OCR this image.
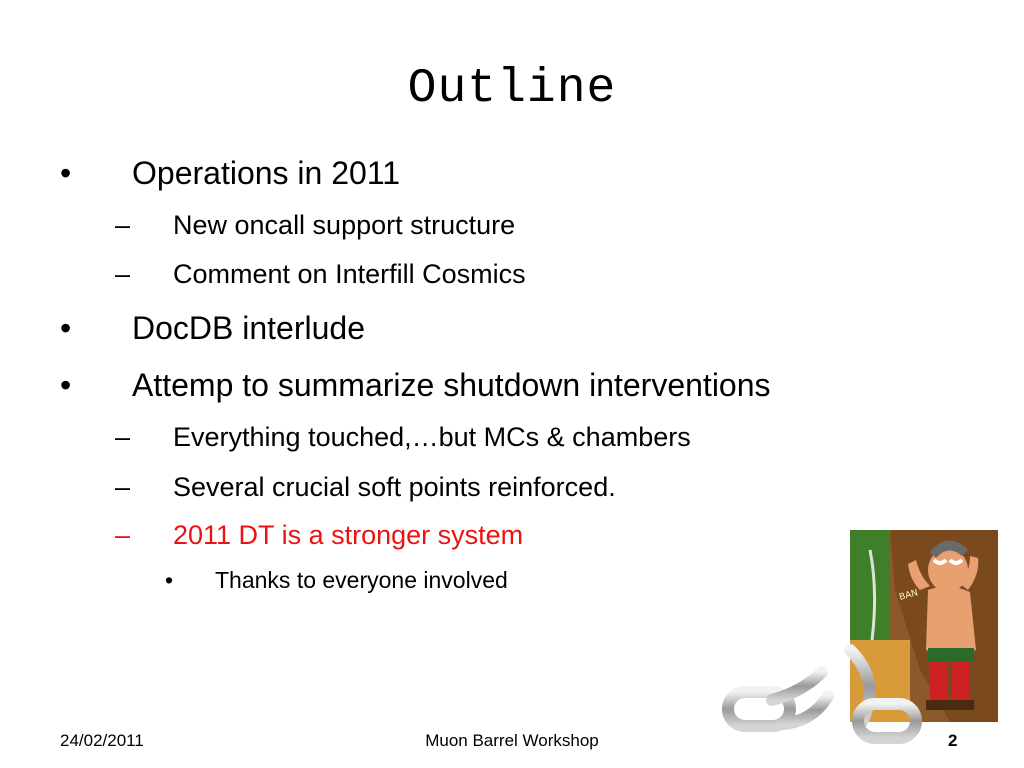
Outline
• Operations in 2011
– New oncall support structure
– Comment on Interfill Cosmics
• DocDB interlude
• Attemp to summarize shutdown interventions
– Everything touched,…but MCs & chambers
– Several crucial soft points reinforced.
– 2011 DT is a stronger system
• Thanks to everyone involved
BAN
24/02/2011	Muon Barrel Workshop	2
